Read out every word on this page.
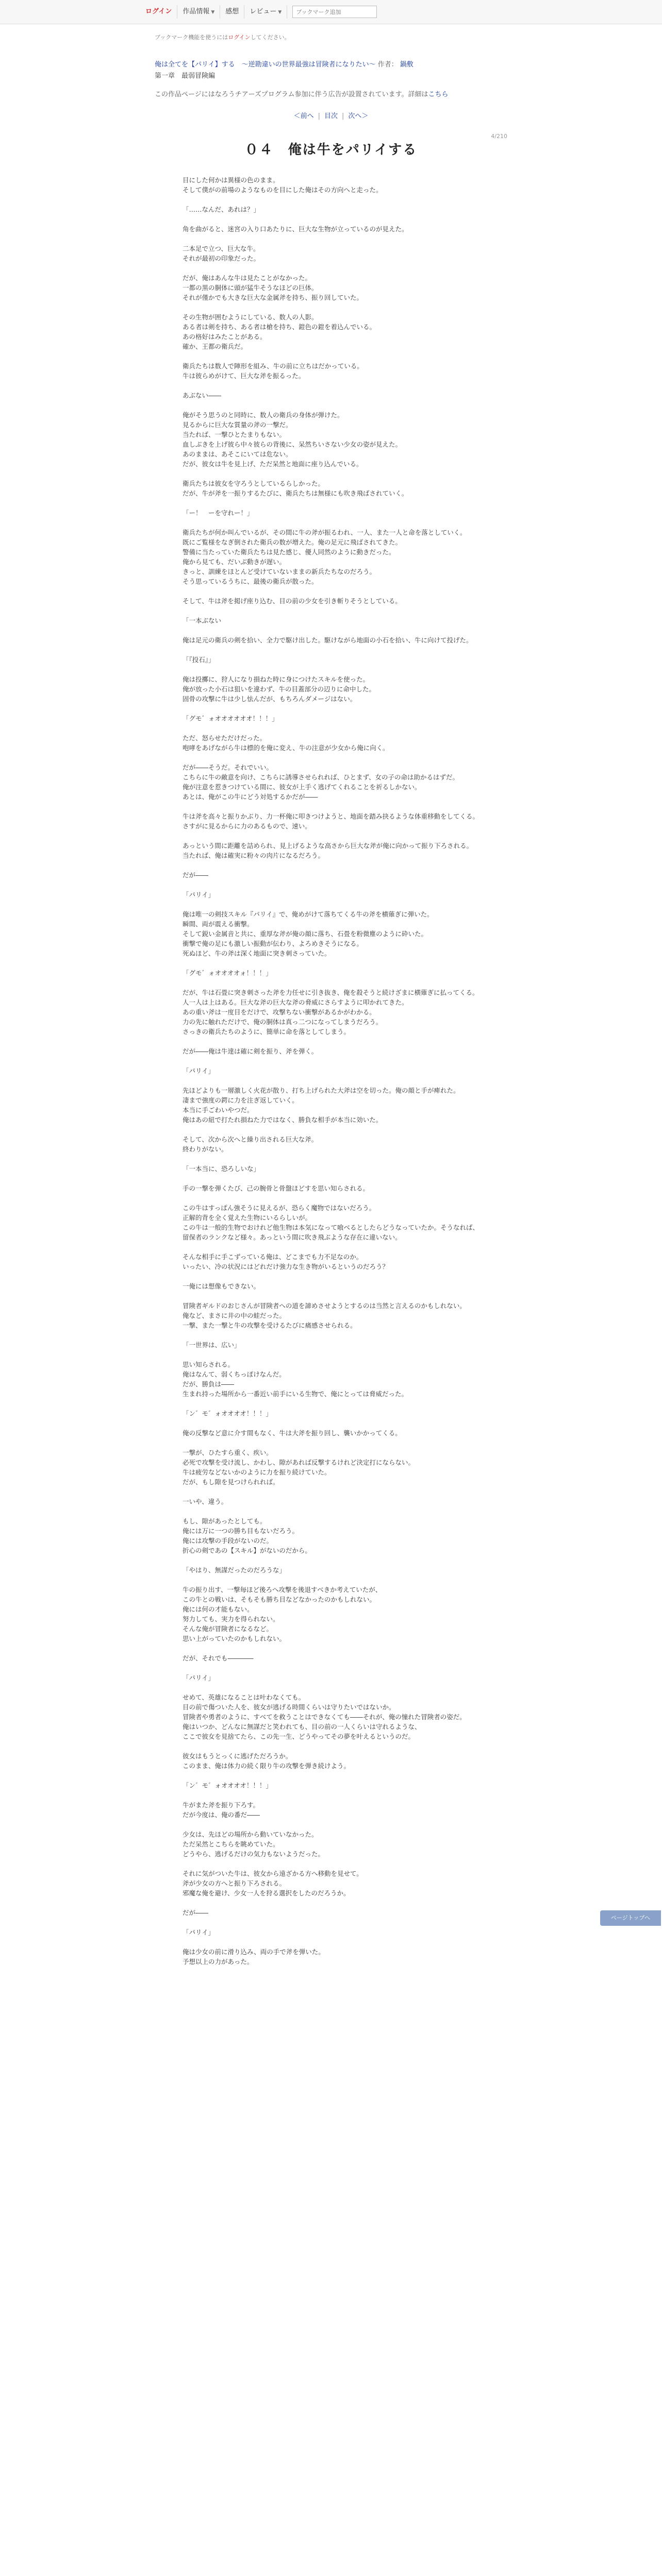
ログイン	作品情報 ▼	感想	レビュー ▼
ブックマーク追加
ブックマーク機能を使うにはログインしてください。
俺は全てを【パリイ】する　～逆勘違いの世界最強は冒険者になりたい～ 作者： 鍋敷
第一章　最弱冒険編
この作品ページにはなろうチアーズプログラム参加に伴う広告が設置されています。詳細はこちら
＜前へ | 目次 | 次へ＞
4/210
０４　俺は牛をパリイする

目にした何かは異様の色のまま。

そして僕がの前場のようなものを目にした俺はその方向へと走った。

「……なんだ、あれは？」

角を曲がると、迷宮の入り口あたりに、巨大な生物が立っているのが見えた。

二本足で立つ、巨大な牛。

それが最初の印象だった。

だが、俺はあんな牛は見たことがなかった。

一都の黒の胴体に頭が猛牛そうなほどの巨体。

それが僅かでも大きな巨大な金属斧を持ち、振り回していた。

その生物が囲むようにしている、数人の人影。

ある者は剣を持ち、ある者は槍を持ち、鎧色の鎧を着込んでいる。

あの格好はみたことがある。

確か、王都の衛兵だ。

衛兵たちは数人で陣形を組み、牛の前に立ちはだかっている。

牛は彼らめがけて、巨大な斧を振るった。

あぶない――

俺がそう思うのと同時に、数人の衛兵の身体が弾けた。

見るからに巨大な質量の斧の一撃だ。

当たれば、一撃ひとたまりもない。

血しぶきを上げ彼ら中々彼らの背後に、呆然ちいさない少女の姿が見えた。

あのままは、あそこにいては危ない。

だが、彼女は牛を見上げ、ただ呆然と地面に座り込んでいる。

衛兵たちは彼女を守ろうとしているらしかった。

だが、牛が斧を一振りするたびに、衛兵たちは無様にも吹き飛ばされていく。

「ー！　ーを守れー！」

衛兵たちが何か叫んでいるが、その間に牛の斧が振るわれ、一人、また一人と命を落としていく。

既にご覧様をなぎ倒された衛兵の数が増えた。俺の足元に飛ばされてきた。

警備に当たっていた衛兵たちは見た感じ、優人同然のように動きだった。

俺から見ても、だいぶ動きが遅い。

きっと、訓練をほとんど受けていないままの新兵たちなのだろう。

そう思っているうちに、最後の衛兵が散った。

そして、牛は斧を掲げ座り込む、目の前の少女を引き斬りそうとしている。

「一本ぶない

俺は足元の衛兵の剣を拾い、全力で駆け出した。駆けながら地面の小石を拾い、牛に向けて投げた。

「『投石』」

俺は投擲に、狩人になり損ねた時に身につけたスキルを使った。

俺が放った小石は狙いを違わず、牛の目蓋部分の辺りに命中した。

固骨の攻撃に牛は少し怯んだが、もちろんダメージはない。

「グモ゛ォオオオオオオ！！！」

ただ、怒らせただけだった。

咆哮をあげながら牛は標的を俺に変え、牛の注意が少女から俺に向く。

だが――そうだ。それでいい。

こちらに牛の敵意を向け、こちらに誘導させられれば、ひとまず、女の子の命は助かるはずだ。

俺が注意を惹きつけている間に、彼女が上手く逃げてくれることを祈るしかない。

あとは、俺がこの牛にどう対処するかだが――

牛は斧を高々と振りかぶり、力一杯俺に叩きつけようと、地面を踏み抉るような体重移動をしてくる。

さすがに見るからに力のあるもので、速い。

あっという間に距離を詰められ、見上げるような高さから巨大な斧が俺に向かって振り下ろされる。

当たれば、俺は確実に粉々の肉片になるだろう。

だが――

「パリイ」

俺は唯一の剣技スキル『パリイ』で、俺めがけて落ちてくる牛の斧を横薙ぎに弾いた。

瞬間、両が震える衝撃。

そして鋭い金属音と共に、重厚な斧が俺の顔に落ち、石畳を粉微塵のように砕いた。

衝撃で俺の足にも激しい振動が伝わり、よろめきそうになる。

死ぬほど、牛の斧は深く地面に突き刺さっていた。

「グモ゛ォオオオオォ！！！」

だが、牛は石畳に突き刺さった斧を力任せに引き抜き、俺を殺そうと続けざまに横薙ぎに払ってくる。

人一人は上はある。巨大な斧の巨大な斧の脅威にさらすように叩かれてきた。

あの重い斧は一度目をだけで、攻撃ちない衝撃があるかがわかる。

力の先に触れただけで、俺の胴体は真っ二つになってしまうだろう。

さっきの衛兵たちのように、簡単に命を落としてしまう。

だが――俺は牛達は確に剣を振り、斧を弾く。

「パリイ」

先ほどよりも一層激しく火花が散り、打ち上げられた大斧は空を切った。俺の顔と手が痺れた。

凄まで強度の鍔に力を注ぎ返していく。

本当に手ごわいやつだ。

俺はあの紐で打たれ損ねた力ではなく、勝負な相手が本当に効いた。

そして、次から次へと繰り出される巨大な斧。

終わりがない。

「一本当に、恐ろしいな」

手の一撃を弾くたび、己の腕骨と骨盤ほどすを思い知らされる。

この牛はすっぱん強そうに見えるが、恐らく魔物ではないだろう。

正解的背を全く覚えた生物にいるらしいが。

この牛は一般的生物でおけれど他生物は本気になって喰べるとしたらどうなっていたか。そうなれば、

留保者のランクなど様々。あっという間に吹き飛ぶような存在に違いない。

そんな相手に手こずっている俺は、どこまでも力不足なのか。

いったい、冷の状況にはどれだけ強力な生き物がいるというのだろう？

一俺には想像もできない。

冒険者ギルドのおじさんが冒険者への道を諦めさせようとするのは当然と言えるのかもしれない。

俺など、まさに井の中の蛙だった。

一撃、また一撃と牛の攻撃を受けるたびに痛感させられる。

「一世界は、広い」

思い知らされる。

俺はなんて、弱くちっぽけなんだ。

だが、勝負は――

生まれ持った場所から一番近い前手にいる生物で、俺にとっては脅威だった。

「ン゛モ゛ォオオオオ！！！」

俺の反撃など意に介す間もなく、牛は大斧を振り回し、襲いかかってくる。

一撃が、ひたすら重く、疾い。

必死で攻撃を受け流し、かわし、隙があれば反撃するけれど決定打にならない。

牛は疲労などないかのように力を振り続けていた。

だが、もし隙を見つけられれば。

一いや、違う。

もし、隙があったとしても。

俺には万に一つの勝ち目もないだろう。

俺には攻撃の手段がないのだ。

折心の剣であの【スキル】がないのだから。

「やはり、無謀だったのだろうな」

牛の振り出す、一撃毎ほど後ろへ攻撃を後退すべきか考えていたが、

この牛との戦いは、そもそも勝ち目などなかったのかもしれない。

俺には何の才能もない。

努力しても、実力を得られない。

そんな俺が冒険者になるなど。

思い上がっていたのかもしれない。

だが、それでも――――

「パリイ」

せめて、英雄になることは叶わなくても。

目の前で傷ついた人を、彼女が逃げる時間くらいは守りたいではないか。

冒険者や勇者のように、すべてを救うことはできなくても――それが、俺の憧れた冒険者の姿だ。

俺はいつか、どんなに無謀だと笑われても、目の前の一人くらいは守れるような、

ここで彼女を見捨てたら、この先一生、どうやってその夢を叶えるというのだ。

彼女はもうとっくに逃げただろうか。

このまま、俺は体力の続く限り牛の攻撃を弾き続けよう。

「ン゛モ゛ォオオオオ！！！」

牛がまた斧を振り下ろす。

だが今度は、俺の番だ――

少女は、先ほどの場所から動いていなかった。

ただ呆然とこちらを眺めていた。

どうやら、逃げるだけの気力もないようだった。

それに気がついた牛は、彼女から遠ざかる方へ移動を見せて。

斧が少女の方へと振り下ろされる。

邪魔な俺を避け、少女一人を狩る選択をしたのだろうか。

だが――

「パリイ」

俺は少女の前に滑り込み、両の手で斧を弾いた。

予想以上の力があった。

ページトップへ
